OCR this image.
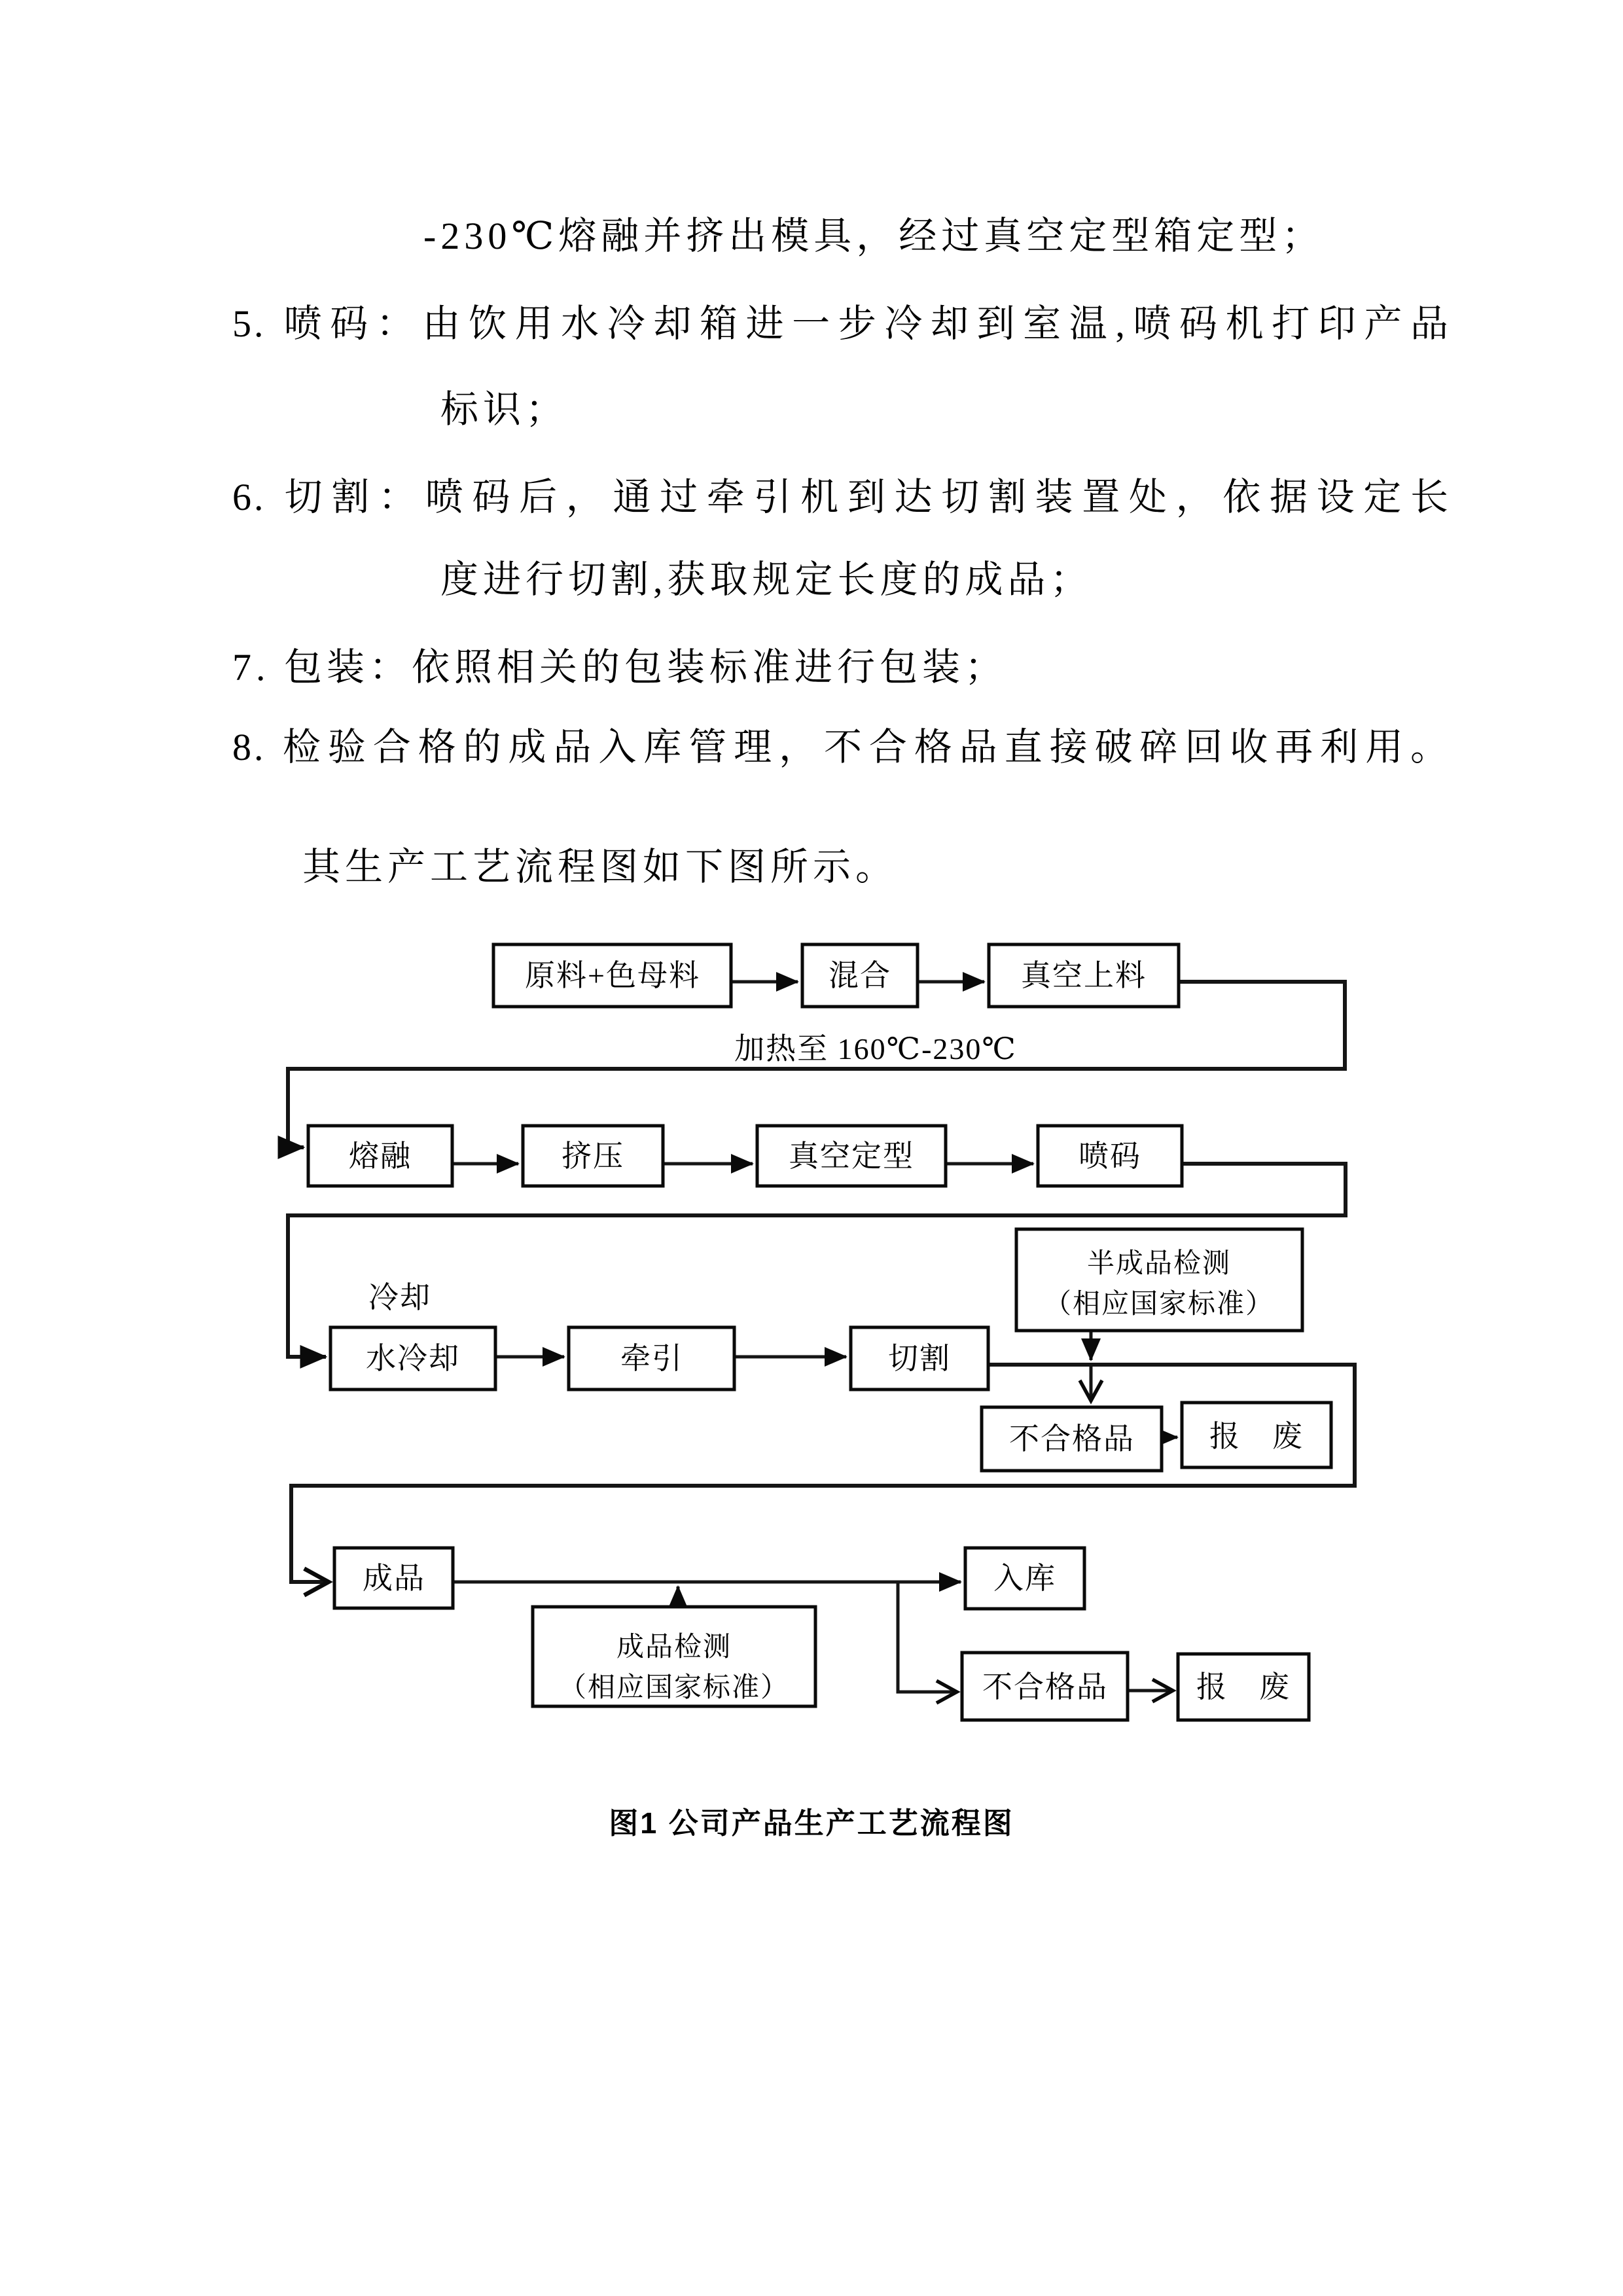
-230℃熔融并挤出模具，经过真空定型箱定型；
5. 喷码：由饮用水冷却箱进一步冷却到室温,喷码机打印产品
标识；
6. 切割：喷码后，通过牵引机到达切割装置处，依据设定长
度进行切割,获取规定长度的成品；
7. 包装：依照相关的包装标准进行包装；
8. 检验合格的成品入库管理，不合格品直接破碎回收再利用。
其生产工艺流程图如下图所示。
加热至 160℃-230℃
冷却
原料+色母料	混合	真空上料
熔融	挤压	真空定型	喷码
半成品检测
（相应国家标准）
水冷却	牵引	切割
不合格品 报　废
成品	入库
成品检测
（相应国家标准）	不合格品	报　废
图1 公司产品生产工艺流程图
